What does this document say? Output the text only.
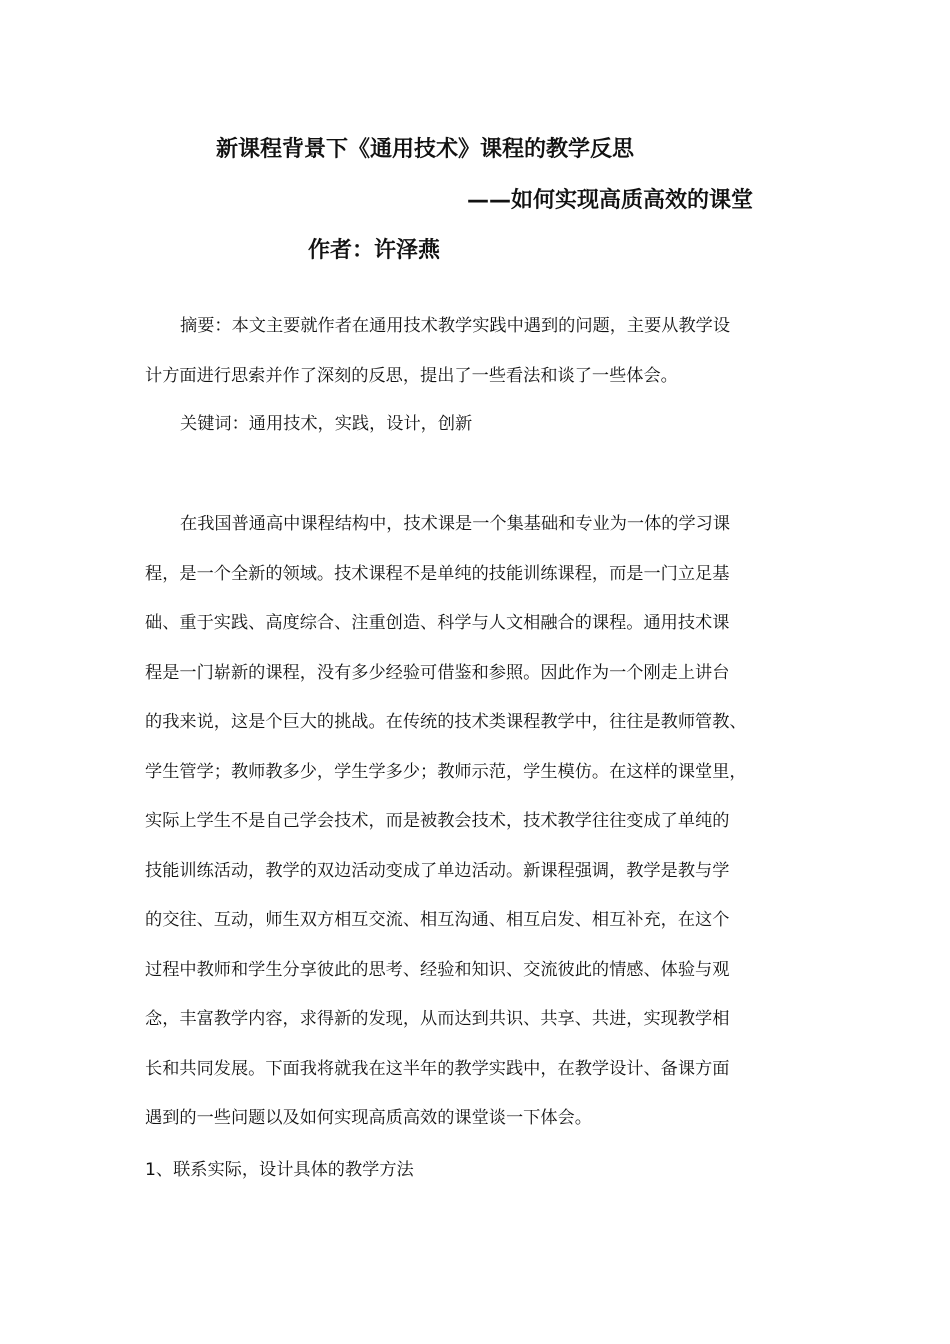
新课程背景下《通用技术》课程的教学反思
——如何实现高质高效的课堂
作者：许泽燕
摘要：本文主要就作者在通用技术教学实践中遇到的问题，主要从教学设
计方面进行思索并作了深刻的反思，提出了一些看法和谈了一些体会。
关键词：通用技术，实践，设计，创新
在我国普通高中课程结构中，技术课是一个集基础和专业为一体的学习课
程，是一个全新的领域。技术课程不是单纯的技能训练课程，而是一门立足基
础、重于实践、高度综合、注重创造、科学与人文相融合的课程。通用技术课
程是一门崭新的课程，没有多少经验可借鉴和参照。因此作为一个刚走上讲台
的我来说，这是个巨大的挑战。在传统的技术类课程教学中，往往是教师管教、
学生管学；教师教多少，学生学多少；教师示范，学生模仿。在这样的课堂里，
实际上学生不是自己学会技术，而是被教会技术，技术教学往往变成了单纯的
技能训练活动，教学的双边活动变成了单边活动。新课程强调，教学是教与学
的交往、互动，师生双方相互交流、相互沟通、相互启发、相互补充，在这个
过程中教师和学生分享彼此的思考、经验和知识、交流彼此的情感、体验与观
念，丰富教学内容，求得新的发现，从而达到共识、共享、共进，实现教学相
长和共同发展。下面我将就我在这半年的教学实践中，在教学设计、备课方面
遇到的一些问题以及如何实现高质高效的课堂谈一下体会。
1、联系实际，设计具体的教学方法
